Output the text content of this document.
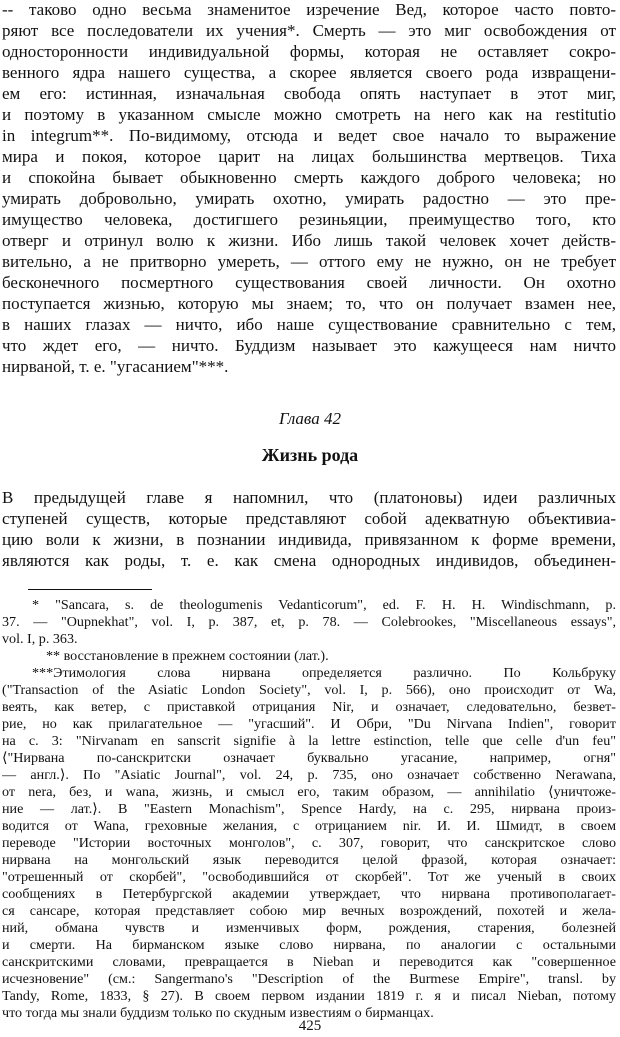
-- таково одно весьма знаменитое изречение Вед, которое часто повто-
ряют все последователи их учения*. Смерть — это миг освобождения от
односторонности индивидуальной формы, которая не оставляет сокро-
венного ядра нашего существа, а скорее является своего рода извращени-
ем его: истинная, изначальная свобода опять наступает в этот миг,
и поэтому в указанном смысле можно смотреть на него как на restitutio
in integrum**. По-видимому, отсюда и ведет свое начало то выражение
мира и покоя, которое царит на лицах большинства мертвецов. Тиха
и спокойна бывает обыкновенно смерть каждого доброго человека; но
умирать добровольно, умирать охотно, умирать радостно — это пре-
имущество человека, достигшего резиньяции, преимущество того, кто
отверг и отринул волю к жизни. Ибо лишь такой человек хочет действ-
вительно, а не притворно умереть, — оттого ему не нужно, он не требует
бесконечного посмертного существования своей личности. Он охотно
поступается жизнью, которую мы знаем; то, что он получает взамен нее,
в наших глазах — ничто, ибо наше существование сравнительно с тем,
что ждет его, — ничто. Буддизм называет это кажущееся нам ничто
нирваной, т. е. "угасанием"***.
Глава 42
Жизнь рода
В предыдущей главе я напомнил, что (платоновы) идеи различных
ступеней существ, которые представляют собой адекватную объективиа-
цию воли к жизни, в познании индивида, привязанном к форме времени,
являются как роды, т. е. как смена однородных индивидов, объединен-
* "Sancara, s. de theologumenis Vedanticorum", ed. F. H. H. Windischmann, p.
37. — "Oupnekhat", vol. I, p. 387, et, p. 78. — Colebrookes, "Miscellaneous essays",
vol. I, p. 363.
** восстановление в прежнем состоянии (лат.).
***Этимология слова нирвана определяется различно. По Кольбруку
("Transaction of the Asiatic London Society", vol. I, p. 566), оно происходит от Wa,
веять, как ветер, с приставкой отрицания Nir, и означает, следовательно, безвет-
рие, но как прилагательное — "угасший". И Обри, "Du Nirvana Indien", говорит
на с. 3: "Nirvanam en sanscrit signifie à la lettre estinction, telle que celle d'un feu"
⟨"Нирвана по-санскритски означает буквально угасание, например, огня"
— англ.⟩. По "Asiatic Journal", vol. 24, p. 735, оно означает собственно Nerawana,
от nera, без, и wana, жизнь, и смысл его, таким образом, — annihilatio ⟨уничтоже-
ние — лат.⟩. В "Eastern Monachism", Spence Hardy, на с. 295, нирвана произ-
водится от Wana, греховные желания, с отрицанием nir. И. И. Шмидт, в своем
переводе "Истории восточных монголов", с. 307, говорит, что санскритское слово
нирвана на монгольский язык переводится целой фразой, которая означает:
"отрешенный от скорбей", "освободившийся от скорбей". Тот же ученый в своих
сообщениях в Петербургской академии утверждает, что нирвана противополагает-
ся сансаре, которая представляет собою мир вечных возрождений, похотей и жела-
ний, обмана чувств и изменчивых форм, рождения, старения, болезней
и смерти. На бирманском языке слово нирвана, по аналогии с остальными
санскритскими словами, превращается в Nieban и переводится как "совершенное
исчезновение" (см.: Sangermano's "Description of the Burmese Empire", transl. by
Tandy, Rome, 1833, § 27). В своем первом издании 1819 г. я и писал Nieban, потому
что тогда мы знали буддизм только по скудным известиям о бирманцах.
425
